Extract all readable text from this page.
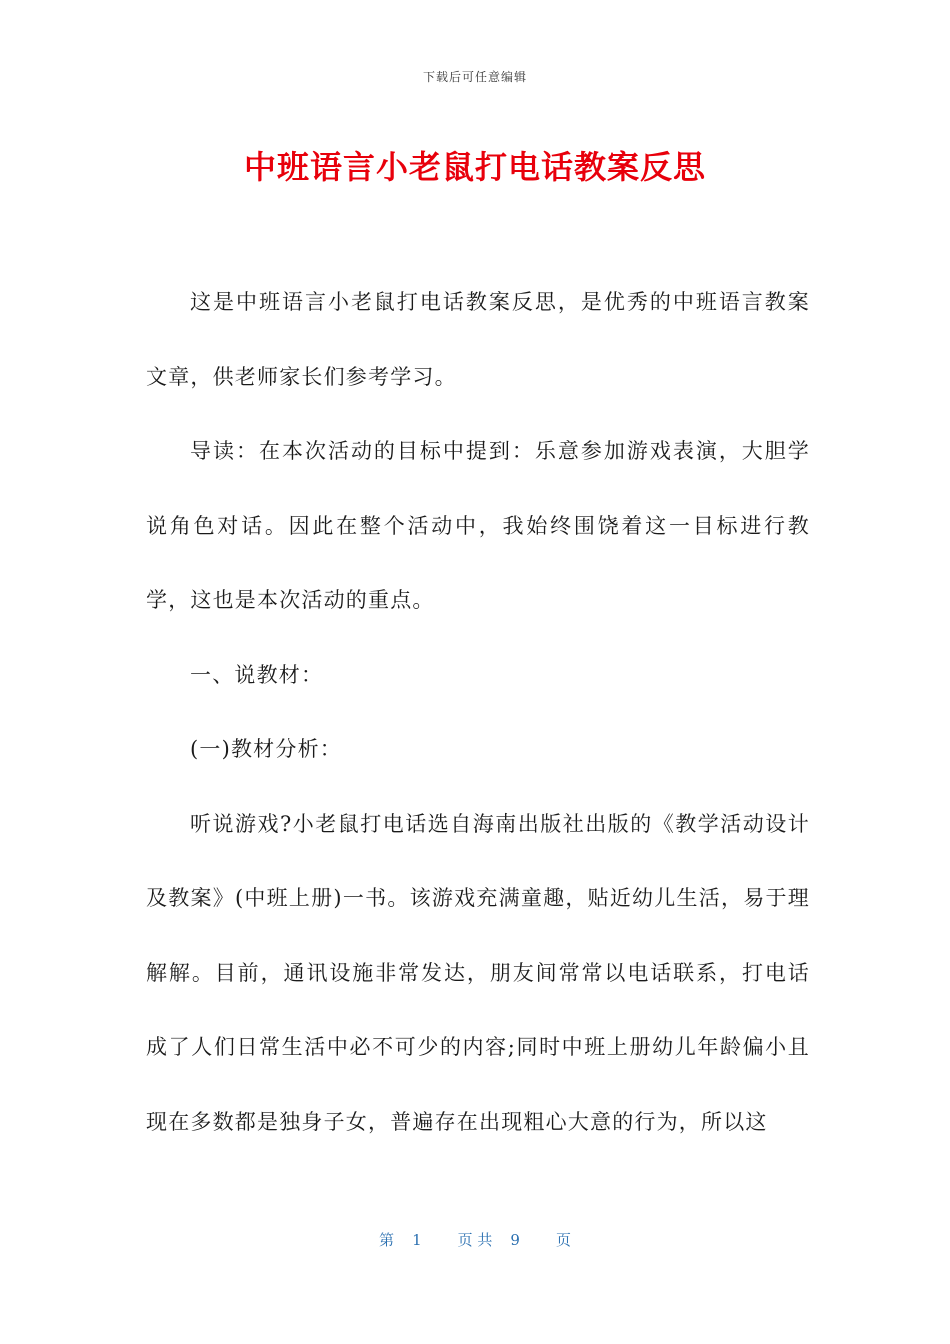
下载后可任意编辑
中班语言小老鼠打电话教案反思

这是中班语言小老鼠打电话教案反思，是优秀的中班语言教案文章，供老师家长们参考学习。

导读：在本次活动的目标中提到：乐意参加游戏表演，大胆学说角色对话。因此在整个活动中，我始终围饶着这一目标进行教学，这也是本次活动的重点。

一、说教材：

(一)教材分析：

听说游戏?小老鼠打电话选自海南出版社出版的《教学活动设计及教案》(中班上册)一书。该游戏充满童趣，贴近幼儿生活，易于理解解。目前，通讯设施非常发达，朋友间常常以电话联系，打电话成了人们日常生活中必不可少的内容;同时中班上册幼儿年龄偏小且现在多数都是独身子女，普遍存在出现粗心大意的行为，所以这

第 1 页 共 9 页
